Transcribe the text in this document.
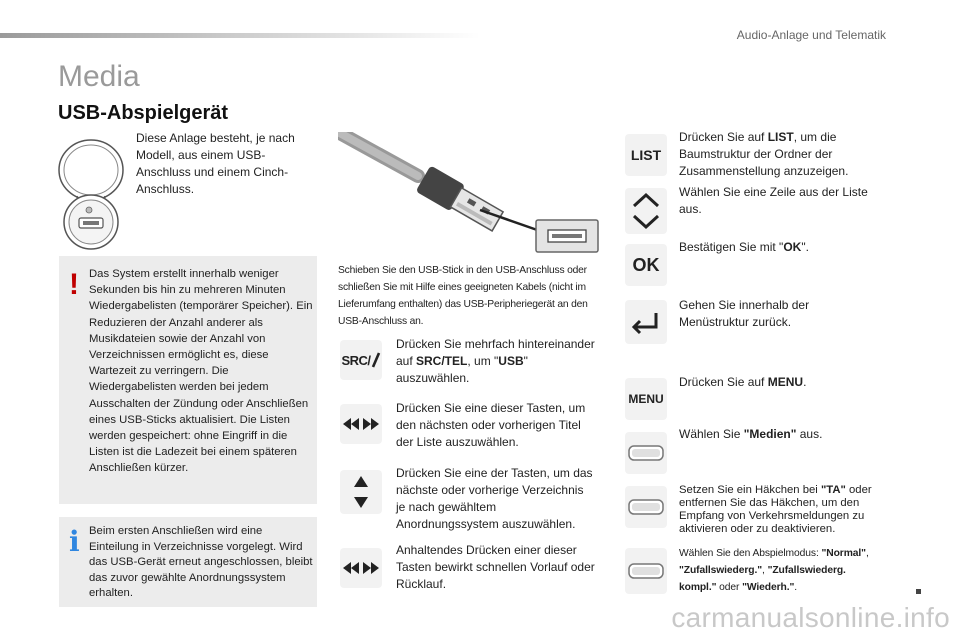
Audio-Anlage und Telematik
Media
USB-Abspielgerät
Diese Anlage besteht, je nach Modell, aus einem USB-Anschluss und einem Cinch-Anschluss.
Schieben Sie den USB-Stick in den USB-Anschluss oder schließen Sie mit Hilfe eines geeigneten Kabels (nicht im Lieferumfang enthalten) das USB-Peripheriegerät an den USB-Anschluss an.
! Das System erstellt innerhalb weniger Sekunden bis hin zu mehreren Minuten Wiedergabelisten (temporärer Speicher). Ein Reduzieren der Anzahl anderer als Musikdateien sowie der Anzahl von Verzeichnissen ermöglicht es, diese Wartezeit zu verringern. Die Wiedergabelisten werden bei jedem Ausschalten der Zündung oder Anschließen eines USB-Sticks aktualisiert. Die Listen werden gespeichert: ohne Eingriff in die Listen ist die Ladezeit bei einem späteren Anschließen kürzer.
i Beim ersten Anschließen wird eine Einteilung in Verzeichnisse vorgelegt. Wird das USB-Gerät erneut angeschlossen, bleibt das zuvor gewählte Anordnungssystem erhalten.
SRC/
Drücken Sie mehrfach hintereinander auf SRC/TEL, um "USB" auszuwählen.
Drücken Sie eine dieser Tasten, um den nächsten oder vorherigen Titel der Liste auszuwählen.
Drücken Sie eine der Tasten, um das nächste oder vorherige Verzeichnis je nach gewähltem Anordnungssystem auszuwählen.
Anhaltendes Drücken einer dieser Tasten bewirkt schnellen Vorlauf oder Rücklauf.
LIST
Drücken Sie auf LIST, um die Baumstruktur der Ordner der Zusammenstellung anzuzeigen.
Wählen Sie eine Zeile aus der Liste aus.
OK
Bestätigen Sie mit "OK".
Gehen Sie innerhalb der Menüstruktur zurück.
MENU
Drücken Sie auf MENU.
Wählen Sie "Medien" aus.
Setzen Sie ein Häkchen bei "TA" oder entfernen Sie das Häkchen, um den Empfang von Verkehrsmeldungen zu aktivieren oder zu deaktivieren.
Wählen Sie den Abspielmodus: "Normal", "Zufallswiederg.", "Zufallswiederg. kompl." oder "Wiederh.".
carmanualsonline.info
